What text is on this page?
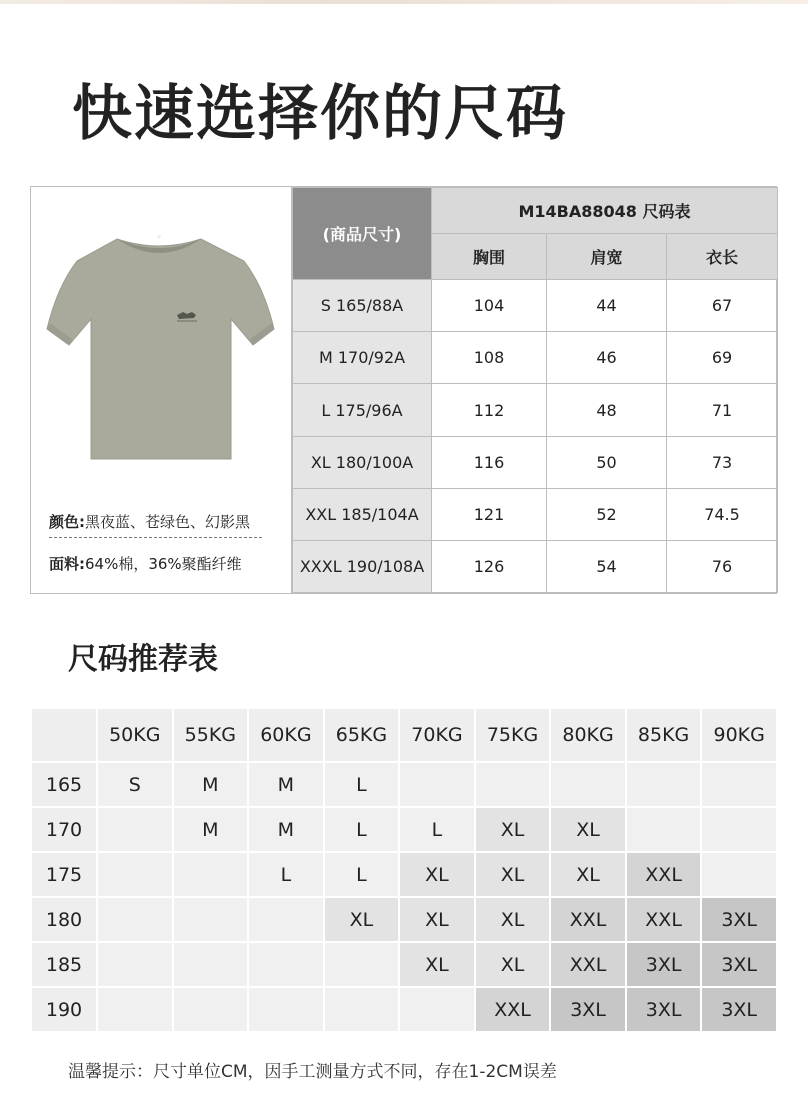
快速选择你的尺码
颜色:黑夜蓝、苍绿色、幻影黑
面料:64%棉，36%聚酯纤维
(商品尺寸)	M14BA88048 尺码表		
	胸围	肩宽	衣长
S 165/88A	104	44	67
M 170/92A	108	46	69
L 175/96A	112	48	71
XL 180/100A	116	50	73
XXL 185/104A	121	52	74.5
XXXL 190/108A	126	54	76
尺码推荐表
	50KG	55KG	60KG	65KG	70KG	75KG	80KG	85KG	90KG
165	S	M	M	L					
170		M	M	L	L	XL	XL		
175			L	L	XL	XL	XL	XXL	
180				XL	XL	XL	XXL	XXL	3XL
185					XL	XL	XXL	3XL	3XL
190						XXL	3XL	3XL	3XL
温馨提示：尺寸单位CM，因手工测量方式不同，存在1-2CM误差
